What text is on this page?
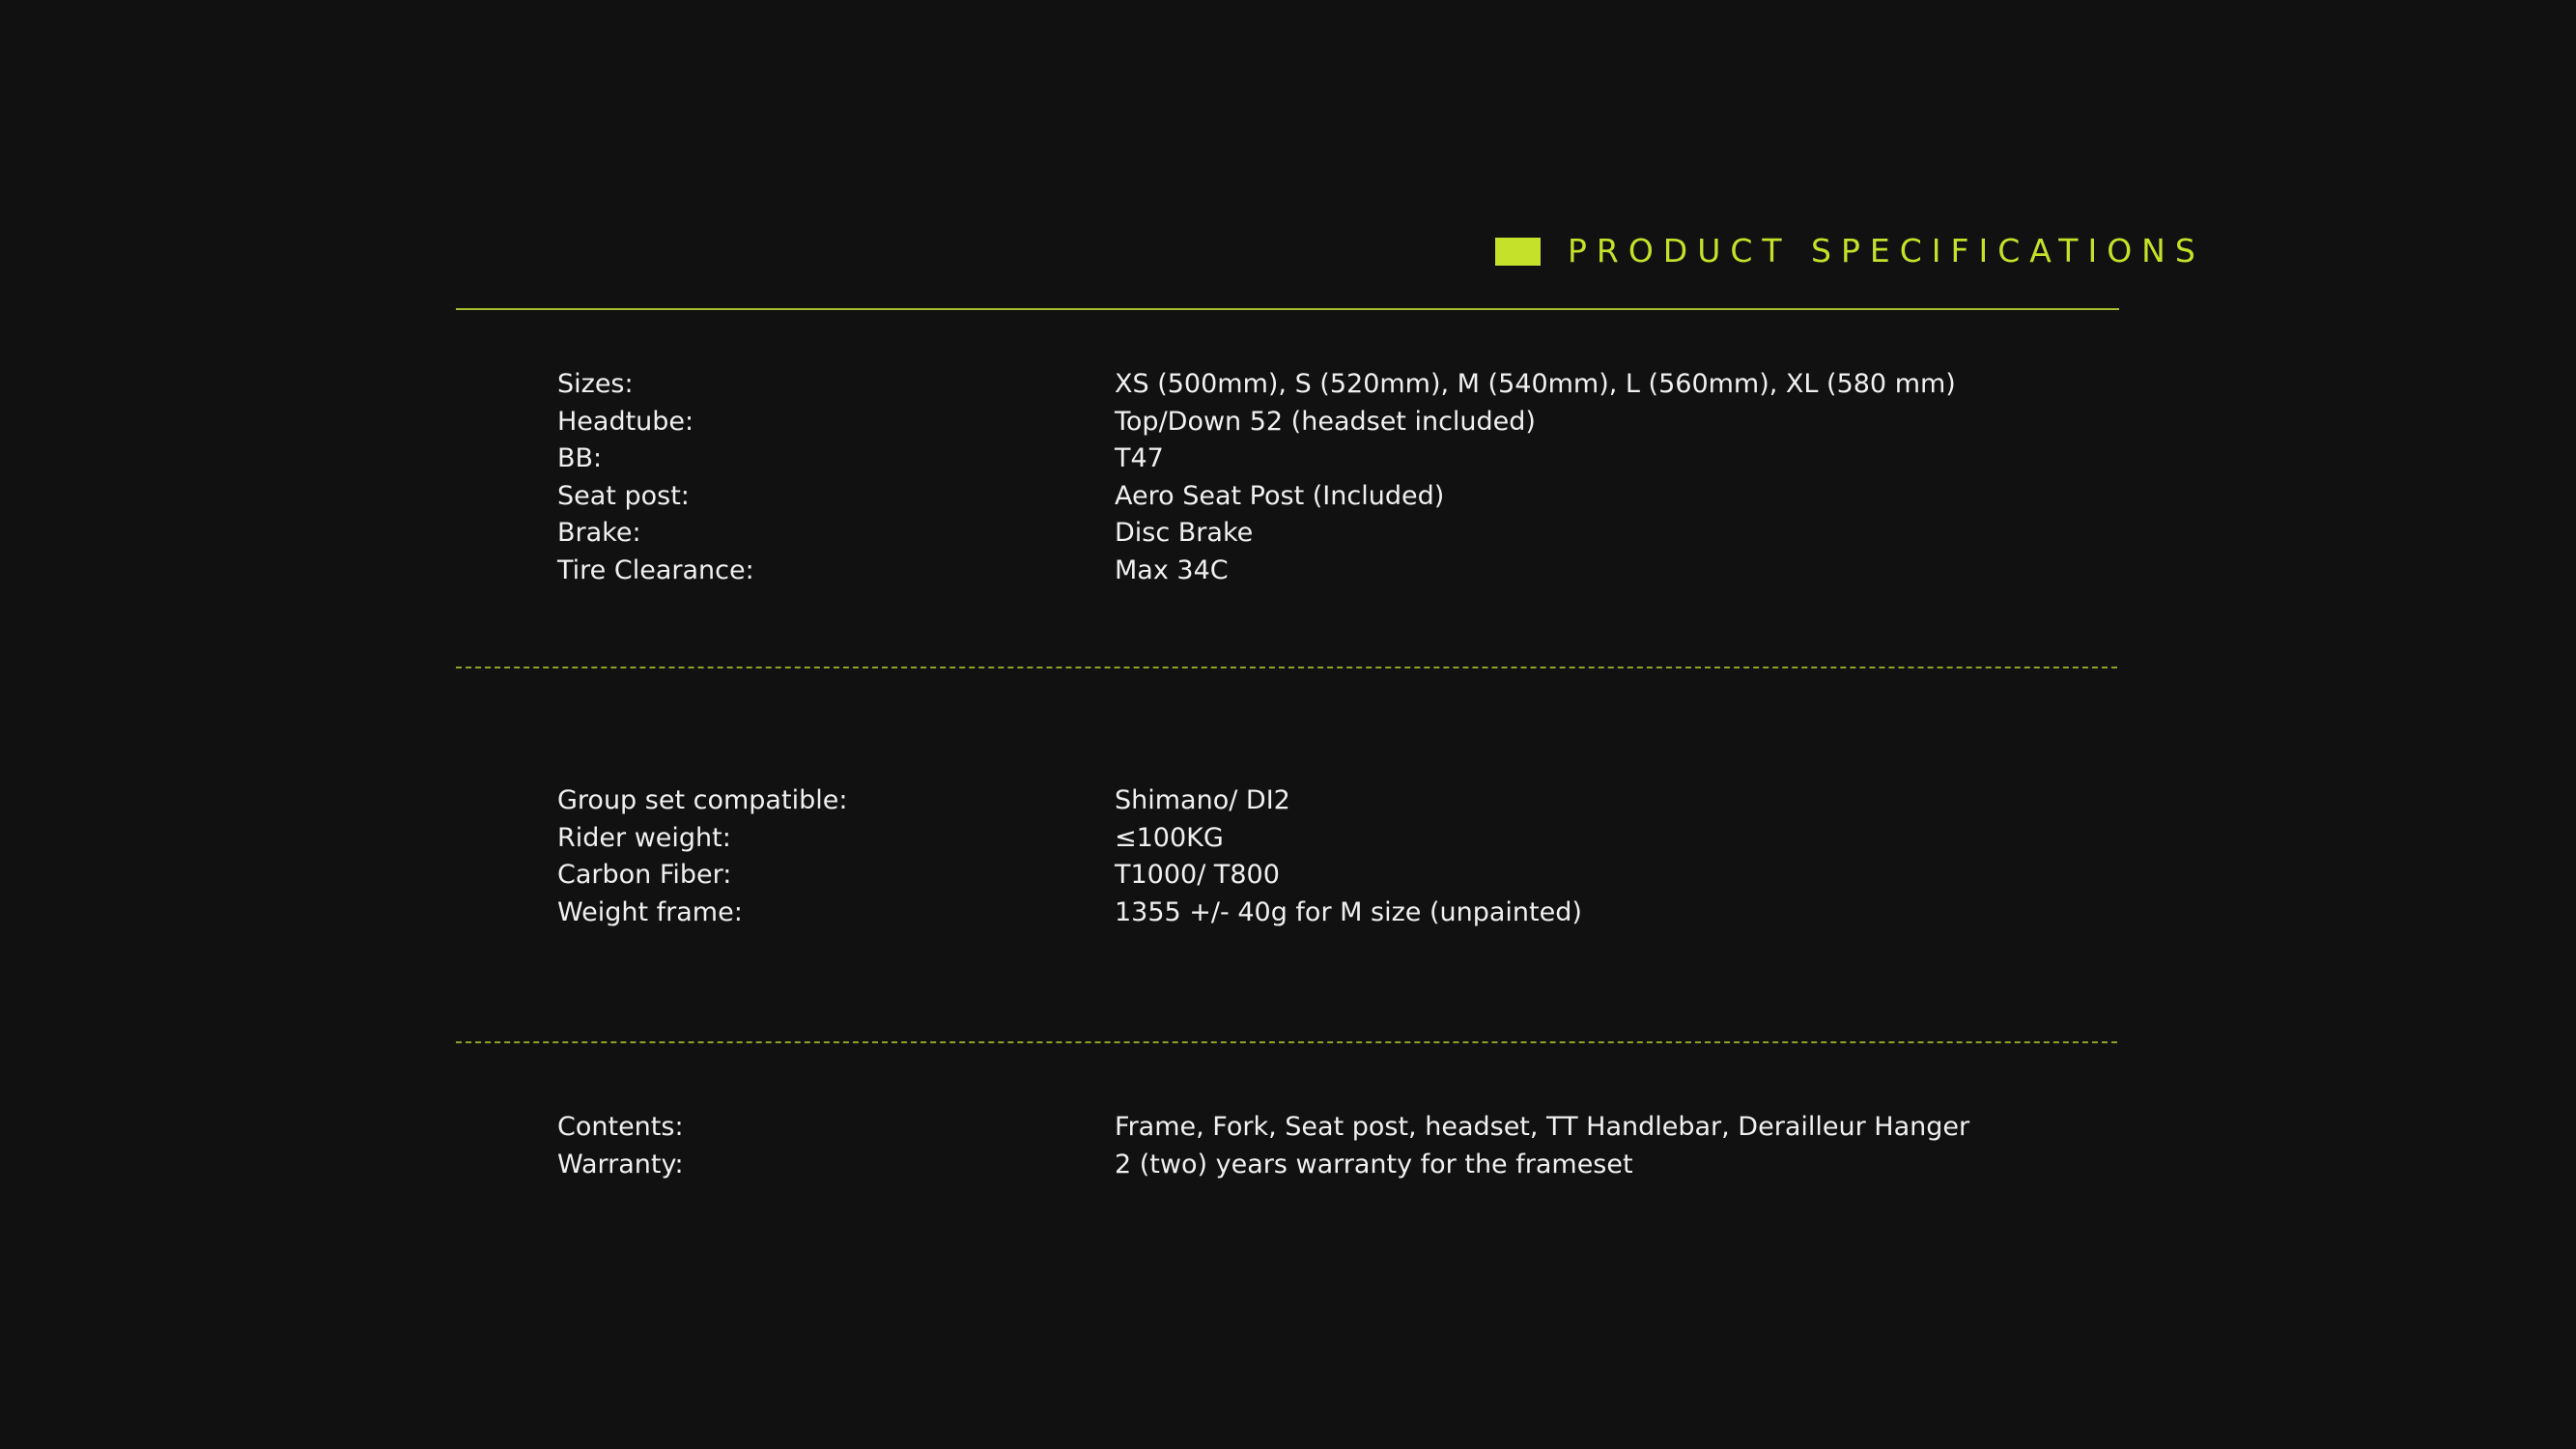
PRODUCT SPECIFICATIONS
Sizes:	XS (500mm), S (520mm), M (540mm), L (560mm), XL (580 mm)
Headtube:	Top/Down 52 (headset included)
BB:	T47
Seat post:	Aero Seat Post (Included)
Brake:	Disc Brake
Tire Clearance:	Max 34C
Group set compatible:	Shimano/ DI2
Rider weight:	≤100KG
Carbon Fiber:	T1000/ T800
Weight frame:	1355 +/- 40g for M size (unpainted)
Contents:	Frame, Fork, Seat post, headset, TT Handlebar, Derailleur Hanger
Warranty:	2 (two) years warranty for the frameset
